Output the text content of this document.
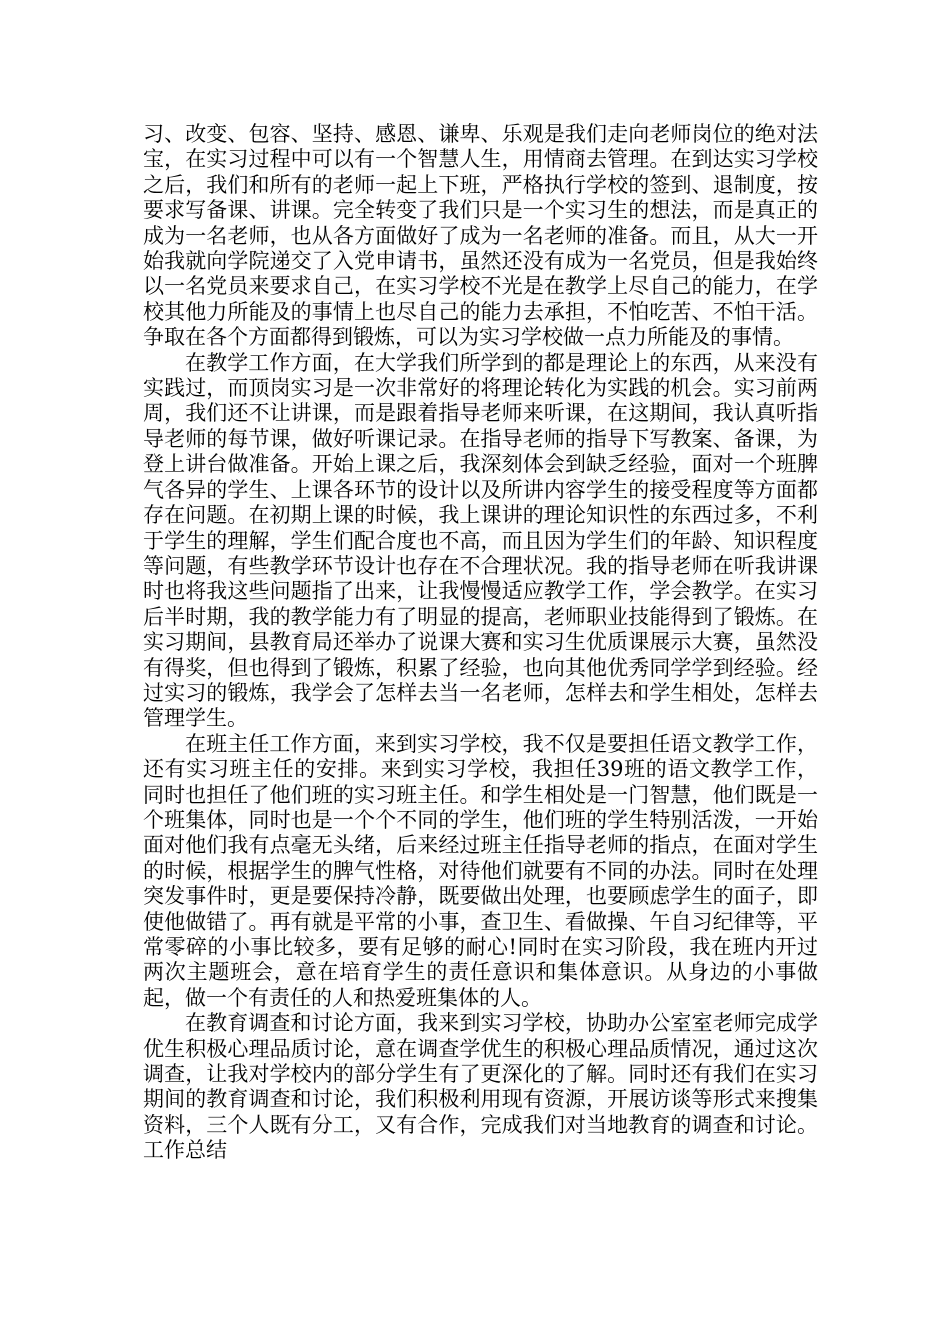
习、改变、包容、坚持、感恩、谦卑、乐观是我们走向老师岗位的绝对法宝，在实习过程中可以有一个智慧人生，用情商去管理。在到达实习学校之后，我们和所有的老师一起上下班，严格执行学校的签到、退制度，按要求写备课、讲课。完全转变了我们只是一个实习生的想法，而是真正的成为一名老师，也从各方面做好了成为一名老师的准备。而且，从大一开始我就向学院递交了入党申请书，虽然还没有成为一名党员，但是我始终以一名党员来要求自己，在实习学校不光是在教学上尽自己的能力，在学校其他力所能及的事情上也尽自己的能力去承担，不怕吃苦、不怕干活。争取在各个方面都得到锻炼，可以为实习学校做一点力所能及的事情。

在教学工作方面，在大学我们所学到的都是理论上的东西，从来没有实践过，而顶岗实习是一次非常好的将理论转化为实践的机会。实习前两周，我们还不让讲课，而是跟着指导老师来听课，在这期间，我认真听指导老师的每节课，做好听课记录。在指导老师的指导下写教案、备课，为登上讲台做准备。开始上课之后，我深刻体会到缺乏经验，面对一个班脾气各异的学生、上课各环节的设计以及所讲内容学生的接受程度等方面都存在问题。在初期上课的时候，我上课讲的理论知识性的东西过多，不利于学生的理解，学生们配合度也不高，而且因为学生们的年龄、知识程度等问题，有些教学环节设计也存在不合理状况。我的指导老师在听我讲课时也将我这些问题指了出来，让我慢慢适应教学工作，学会教学。在实习后半时期，我的教学能力有了明显的提高，老师职业技能得到了锻炼。在实习期间，县教育局还举办了说课大赛和实习生优质课展示大赛，虽然没有得奖，但也得到了锻炼，积累了经验，也向其他优秀同学学到经验。经过实习的锻炼，我学会了怎样去当一名老师，怎样去和学生相处，怎样去管理学生。

在班主任工作方面，来到实习学校，我不仅是要担任语文教学工作，还有实习班主任的安排。来到实习学校，我担任39班的语文教学工作，同时也担任了他们班的实习班主任。和学生相处是一门智慧，他们既是一个班集体，同时也是一个个不同的学生，他们班的学生特别活泼，一开始面对他们我有点毫无头绪，后来经过班主任指导老师的指点，在面对学生的时候，根据学生的脾气性格，对待他们就要有不同的办法。同时在处理突发事件时，更是要保持冷静，既要做出处理，也要顾虑学生的面子，即使他做错了。再有就是平常的小事，查卫生、看做操、午自习纪律等，平常零碎的小事比较多，要有足够的耐心!同时在实习阶段，我在班内开过两次主题班会，意在培育学生的责任意识和集体意识。从身边的小事做起，做一个有责任的人和热爱班集体的人。

在教育调查和讨论方面，我来到实习学校，协助办公室室老师完成学优生积极心理品质讨论，意在调查学优生的积极心理品质情况，通过这次调查，让我对学校内的部分学生有了更深化的了解。同时还有我们在实习期间的教育调查和讨论，我们积极利用现有资源，开展访谈等形式来搜集资料，三个人既有分工，又有合作，完成我们对当地教育的调查和讨论。工作总结
